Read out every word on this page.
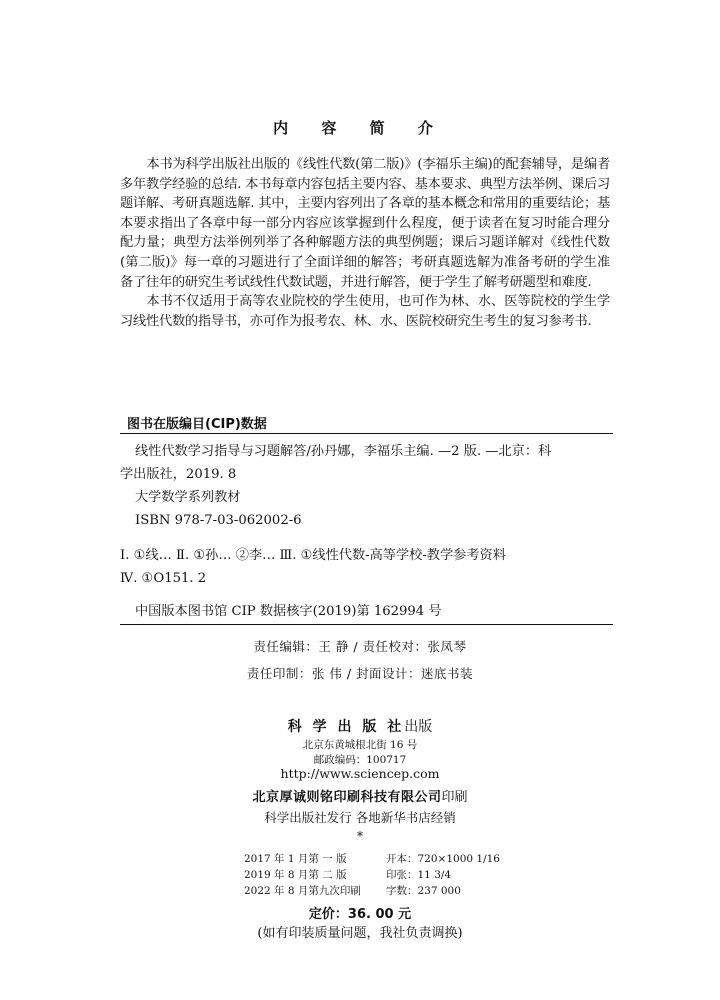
内 容 简 介

本书为科学出版社出版的《线性代数(第二版)》(李福乐主编)的配套辅导，是编者多年教学经验的总结. 本书每章内容包括主要内容、基本要求、典型方法举例、课后习题详解、考研真题选解. 其中，主要内容列出了各章的基本概念和常用的重要结论；基本要求指出了各章中每一部分内容应该掌握到什么程度，便于读者在复习时能合理分配力量；典型方法举例列举了各种解题方法的典型例题；课后习题详解对《线性代数(第二版)》每一章的习题进行了全面详细的解答；考研真题选解为准备考研的学生准备了往年的研究生考试线性代数试题，并进行解答，便于学生了解考研题型和难度.

本书不仅适用于高等农业院校的学生使用，也可作为林、水、医等院校的学生学习线性代数的指导书，亦可作为报考农、林、水、医院校研究生考生的复习参考书.

图书在版编目(CIP)数据
线性代数学习指导与习题解答/孙丹娜，李福乐主编. —2 版. —北京：科
学出版社，2019. 8
大学数学系列教材
ISBN 978-7-03-062002-6
Ⅰ. ①线… Ⅱ. ①孙… ②李… Ⅲ. ①线性代数-高等学校-教学参考资料
Ⅳ. ①O151. 2
中国版本图书馆 CIP 数据核字(2019)第 162994 号
责任编辑：王 静 / 责任校对：张凤琴
责任印制：张 伟 / 封面设计：迷底书装
科 学 出 版 社出版
北京东黄城根北街 16 号
邮政编码：100717
http://www.sciencep.com
北京厚诚则铭印刷科技有限公司印刷
科学出版社发行 各地新华书店经销
*
2017 年 1 月第 一 版	开本：720×1000 1/16
2019 年 8 月第 二 版	印张：11 3/4
2022 年 8 月第九次印刷	字数：237 000
定价：36. 00 元
(如有印装质量问题，我社负责调换)
